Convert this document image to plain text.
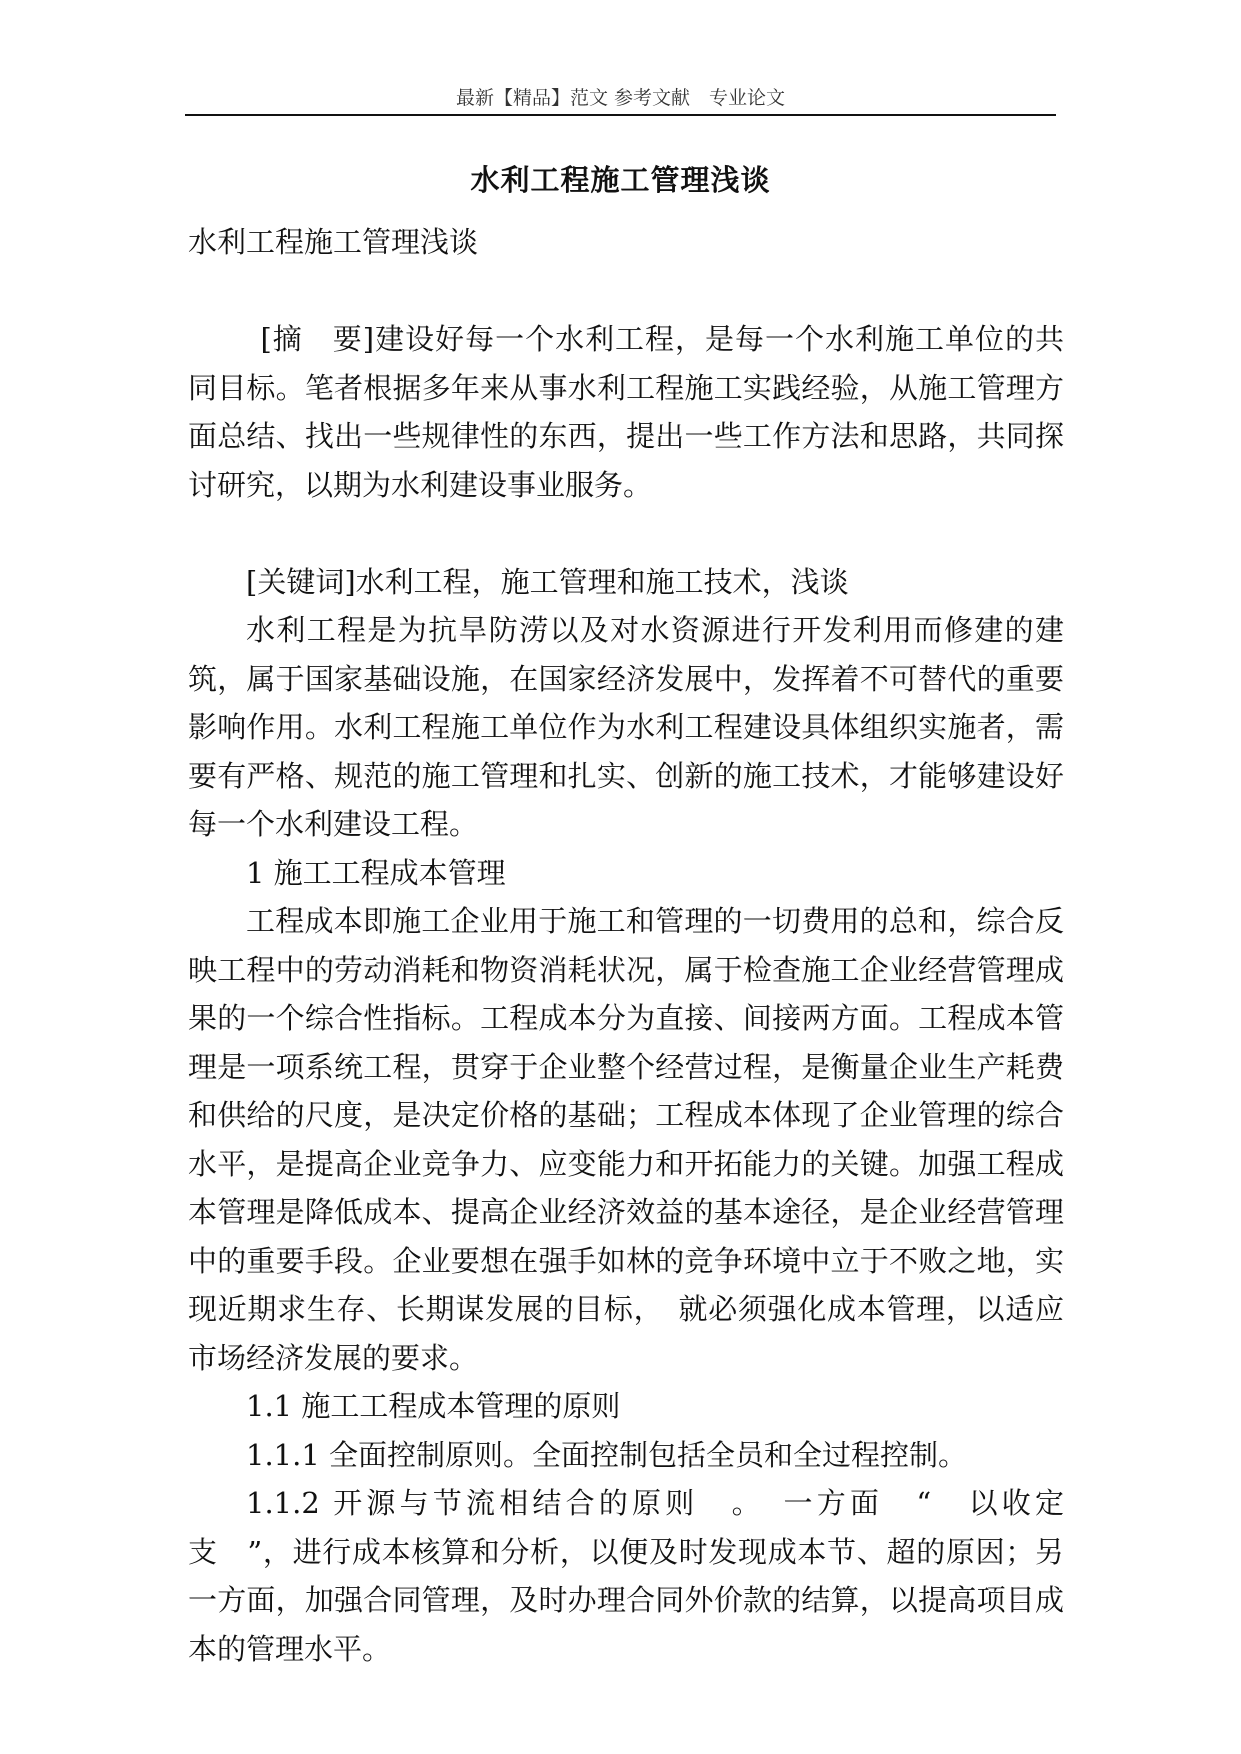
最新【精品】范文 参考文献　专业论文
水利工程施工管理浅谈

水利工程施工管理浅谈

[摘　要]建设好每一个水利工程，是每一个水利施工单位的共同目标。笔者根据多年来从事水利工程施工实践经验，从施工管理方面总结、找出一些规律性的东西，提出一些工作方法和思路，共同探讨研究，以期为水利建设事业服务。

[关键词]水利工程，施工管理和施工技术，浅谈

水利工程是为抗旱防涝以及对水资源进行开发利用而修建的建筑，属于国家基础设施，在国家经济发展中，发挥着不可替代的重要影响作用。水利工程施工单位作为水利工程建设具体组织实施者，需要有严格、规范的施工管理和扎实、创新的施工技术，才能够建设好每一个水利建设工程。

1 施工工程成本管理

工程成本即施工企业用于施工和管理的一切费用的总和，综合反映工程中的劳动消耗和物资消耗状况，属于检查施工企业经营管理成果的一个综合性指标。工程成本分为直接、间接两方面。工程成本管理是一项系统工程，贯穿于企业整个经营过程，是衡量企业生产耗费和供给的尺度，是决定价格的基础；工程成本体现了企业管理的综合水平，是提高企业竞争力、应变能力和开拓能力的关键。加强工程成本管理是降低成本、提高企业经济效益的基本途径，是企业经营管理中的重要手段。企业要想在强手如林的竞争环境中立于不败之地，实现近期求生存、长期谋发展的目标，　就必须强化成本管理，以适应市场经济发展的要求。

1.1 施工工程成本管理的原则

1.1.1 全面控制原则。全面控制包括全员和全过程控制。

1.1.2 开源与节流相结合的原则　。　一方面　“　以收定支　”，进行成本核算和分析，以便及时发现成本节、超的原因；另一方面，加强合同管理，及时办理合同外价款的结算，以提高项目成本的管理水平。
